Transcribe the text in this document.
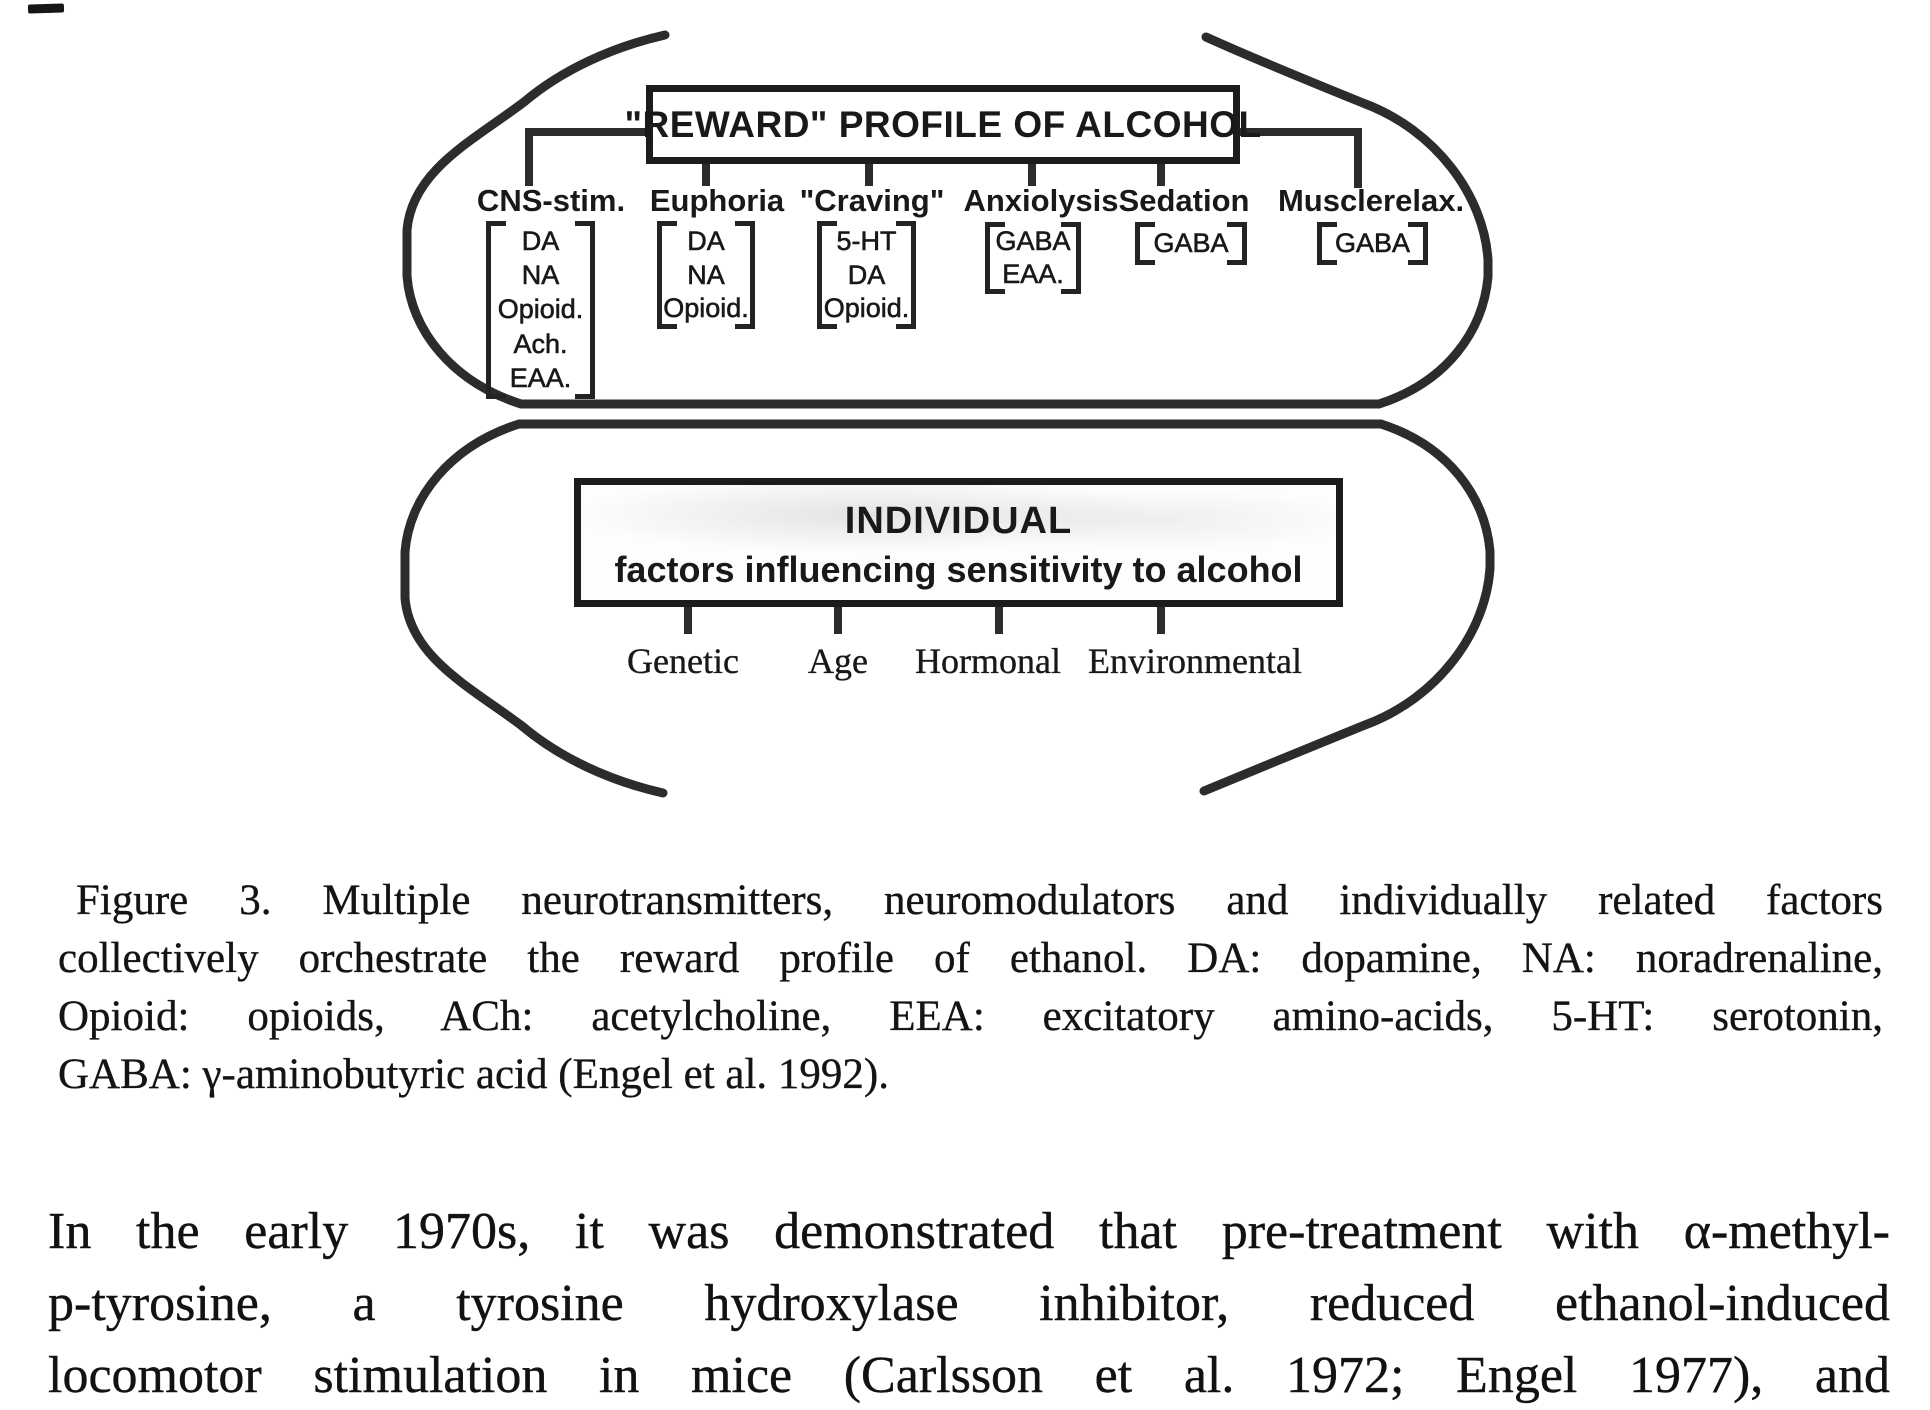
"REWARD" PROFILE OF ALCOHOL
CNS-stim. Euphoria "Craving" Anxiolysis Sedation Musclerelax.
DA
NA
Opioid.
Ach.
EAA.
DA
NA
Opioid.
5-HT
DA
Opioid.
GABA
EAA.
GABA	GABA
INDIVIDUAL
factors influencing sensitivity to alcohol
Genetic Age Hormonal Environmental
Figure 3. Multiple neurotransmitters, neuromodulators and individually related factors
collectively orchestrate the reward profile of ethanol. DA: dopamine, NA: noradrenaline,
Opioid: opioids, ACh: acetylcholine, EEA: excitatory amino-acids, 5-HT: serotonin,
GABA: γ-aminobutyric acid (Engel et al. 1992).
In the early 1970s, it was demonstrated that pre-treatment with α-methyl-
p-tyrosine, a tyrosine hydroxylase inhibitor, reduced ethanol-induced
locomotor stimulation in mice (Carlsson et al. 1972; Engel 1977), and
